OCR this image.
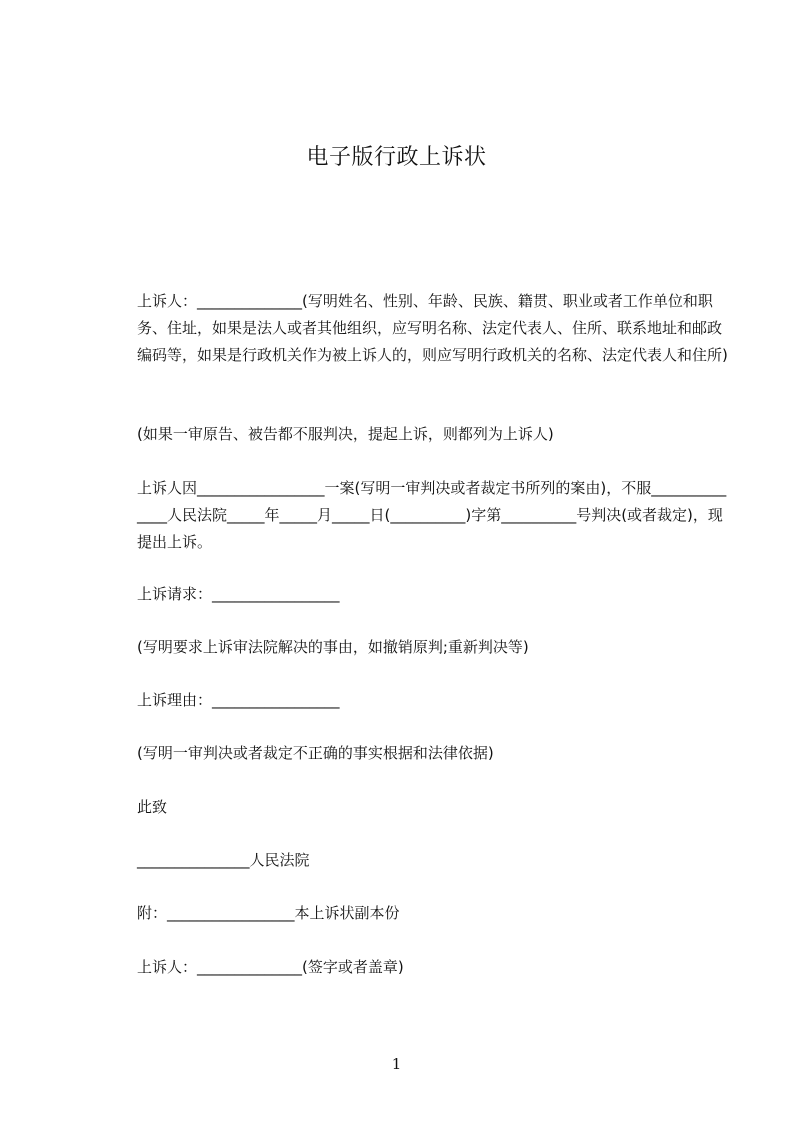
电子版行政上诉状
上诉人：______________(写明姓名、性别、年龄、民族、籍贯、职业或者工作单位和职务、住址，如果是法人或者其他组织，应写明名称、法定代表人、住所、联系地址和邮政编码等，如果是行政机关作为被上诉人的，则应写明行政机关的名称、法定代表人和住所)
(如果一审原告、被告都不服判决，提起上诉，则都列为上诉人)
上诉人因_________________一案(写明一审判决或者裁定书所列的案由)，不服______________人民法院_____年_____月_____日(__________)字第__________号判决(或者裁定)，现提出上诉。
上诉请求：_________________
(写明要求上诉审法院解决的事由，如撤销原判;重新判决等)
上诉理由：_________________
(写明一审判决或者裁定不正确的事实根据和法律依据)
此致
_______________人民法院
附：_________________本上诉状副本份
上诉人：______________(签字或者盖章)
1
